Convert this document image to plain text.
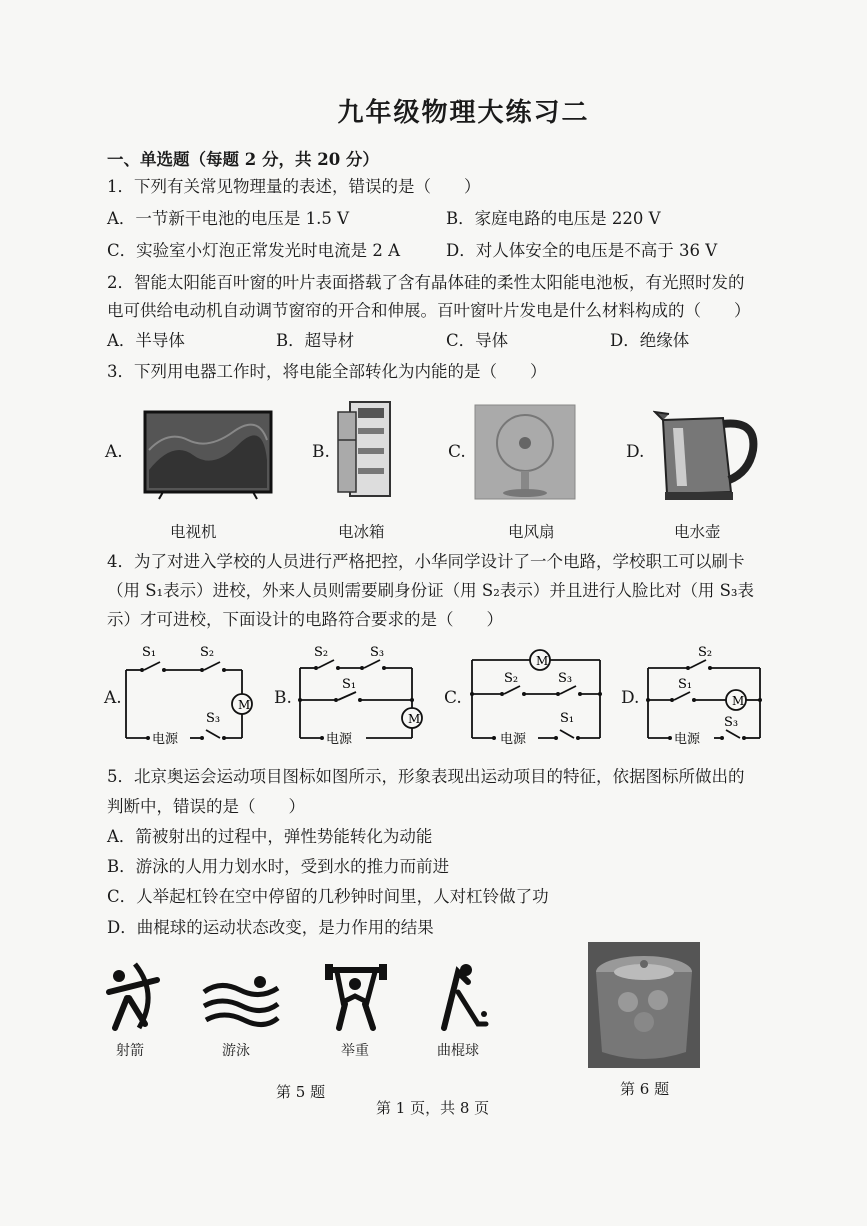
九年级物理大练习二
一、单选题（每题 2 分，共 20 分）
1．下列有关常见物理量的表述，错误的是（　　）
A．一节新干电池的电压是 1.5 V	B．家庭电路的电压是 220 V
C．实验室小灯泡正常发光时电流是 2 A	D．对人体安全的电压是不高于 36 V
2．智能太阳能百叶窗的叶片表面搭载了含有晶体硅的柔性太阳能电池板，有光照时发的
电可供给电动机自动调节窗帘的开合和伸展。百叶窗叶片发电是什么材料构成的（　　）
A．半导体	B．超导材	C．导体	D．绝缘体
3．下列用电器工作时，将电能全部转化为内能的是（　　）
A.	B.	C.	D.
电视机	电冰箱	电风扇	电水壶
4．为了对进入学校的人员进行严格把控，小华同学设计了一个电路，学校职工可以刷卡
（用 S₁表示）进校，外来人员则需要刷身份证（用 S₂表示）并且进行人脸比对（用 S₃表
示）才可进校，下面设计的电路符合要求的是（　　）
A.	B.	C.	D.
M
S₁	S₂
S₃
电源
M
S₂	S₃
S₁
电源
M
S₂	S₃
S₁
电源
M
S₂
S₁
S₃
电源
5．北京奥运会运动项目图标如图所示，形象表现出运动项目的特征，依据图标所做出的
判断中，错误的是（　　）
A．箭被射出的过程中，弹性势能转化为动能
B．游泳的人用力划水时，受到水的推力而前进
C．人举起杠铃在空中停留的几秒钟时间里，人对杠铃做了功
D．曲棍球的运动状态改变，是力作用的结果
射箭	游泳	举重	曲棍球
第 5 题	第 6 题
第 1 页，共 8 页
